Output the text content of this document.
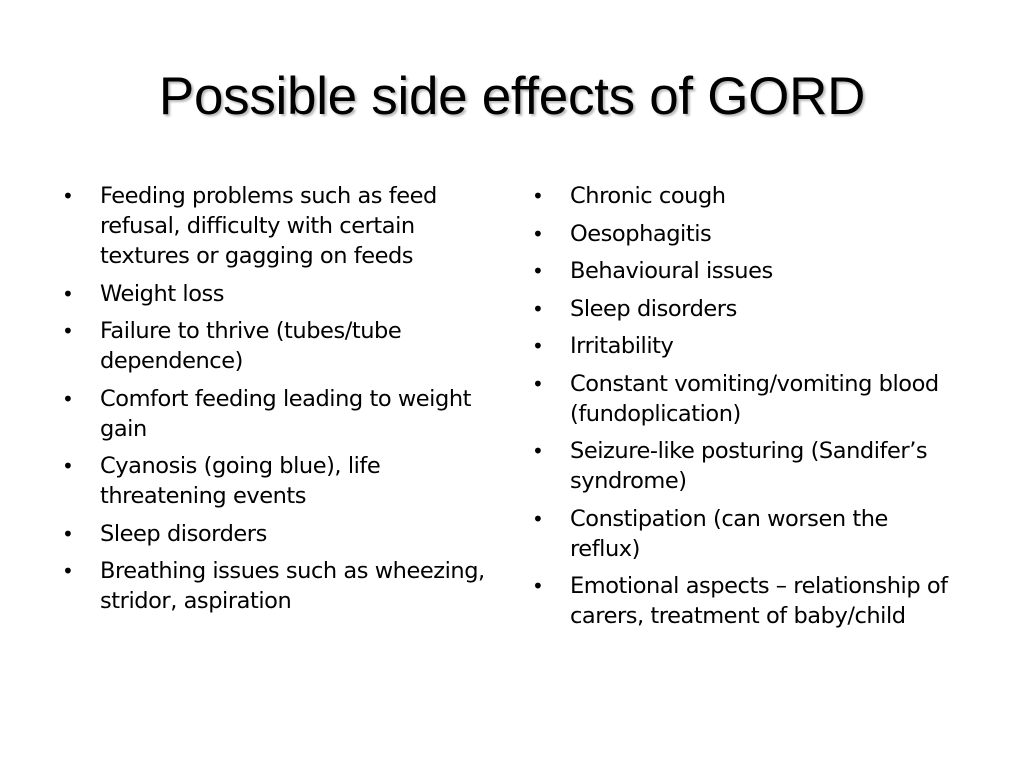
Possible side effects of GORD
•	Feeding problems such as feed refusal, difficulty with certain textures or gagging on feeds
•	Weight loss
•	Failure to thrive (tubes/tube dependence)
•	Comfort feeding leading to weight gain
•	Cyanosis (going blue), life threatening events
•	Sleep disorders
•	Breathing issues such as wheezing, stridor, aspiration
•	Chronic cough
•	Oesophagitis
•	Behavioural issues
•	Sleep disorders
•	Irritability
•	Constant vomiting/vomiting blood (fundoplication)
•	Seizure-like posturing (Sandifer’s syndrome)
•	Constipation (can worsen the reflux)
•	Emotional aspects – relationship of carers, treatment of baby/child
